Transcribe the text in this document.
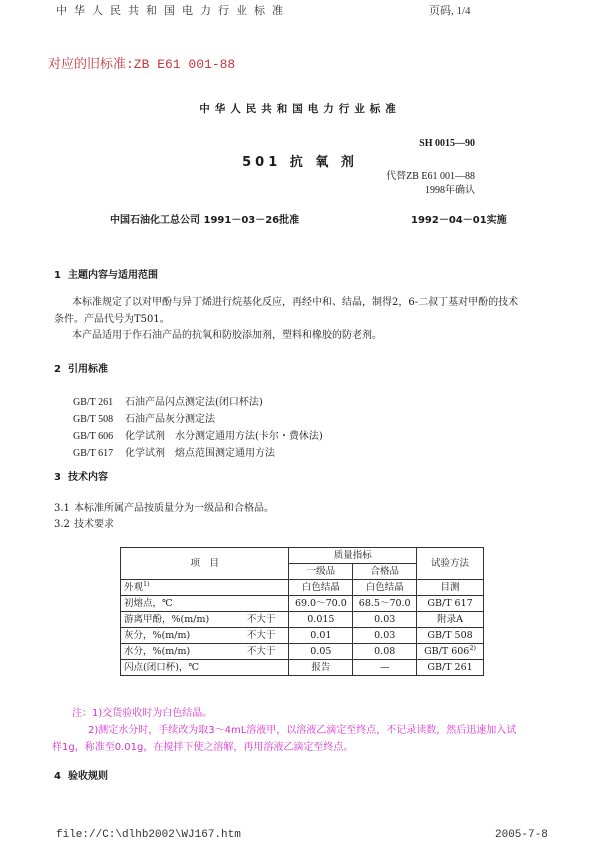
中华人民共和国电力行业标准	页码, 1/4
对应的旧标准:ZB E61 001-88
中华人民共和国电力行业标准
SH 0015—90
501 抗 氧 剂
代替ZB E61 001—88
1998年确认
中国石油化工总公司 1991－03－26批准	1992－04－01实施
1 主题内容与适用范围
本标准规定了以对甲酚与异丁烯进行烷基化反应，再经中和、结晶，制得2，6-二叔丁基对甲酚的技术
条件。产品代号为T501。
本产品适用于作石油产品的抗氧和防胶添加剂，塑料和橡胶的防老剂。
2 引用标准
GB/T 261 石油产品闪点测定法(闭口杯法)
GB/T 508 石油产品灰分测定法
GB/T 606 化学试剂　水分测定通用方法(卡尔・费休法)
GB/T 617 化学试剂　熔点范围测定通用方法
3 技术内容
3.1 本标准所属产品按质量分为一级品和合格品。
3.2 技术要求
项　目	质量指标		试验方法
	一级品	合格品	
外观$^{1)}$	白色结晶	白色结晶	目测
初熔点，℃	69.0～70.0	68.5～70.0	GB/T 617
游离甲酚，%(m/m) 不大于	0.015	0.03	附录A
灰分，%(m/m) 不大于	0.01	0.03	GB/T 508
水分，%(m/m) 不大于	0.05	0.08	GB/T 606$^{2)}$
闪点(闭口杯)，℃	报告	—	GB/T 261
注：1)交货验收时为白色结晶。
2)测定水分时，手续改为取3～4mL溶液甲，以溶液乙滴定至终点，不记录读数，然后迅速加入试
样1g，称准至0.01g，在搅拌下使之溶解，再用溶液乙滴定至终点。
4 验收规则
file://C:\dlhb2002\WJ167.htm	2005-7-8
